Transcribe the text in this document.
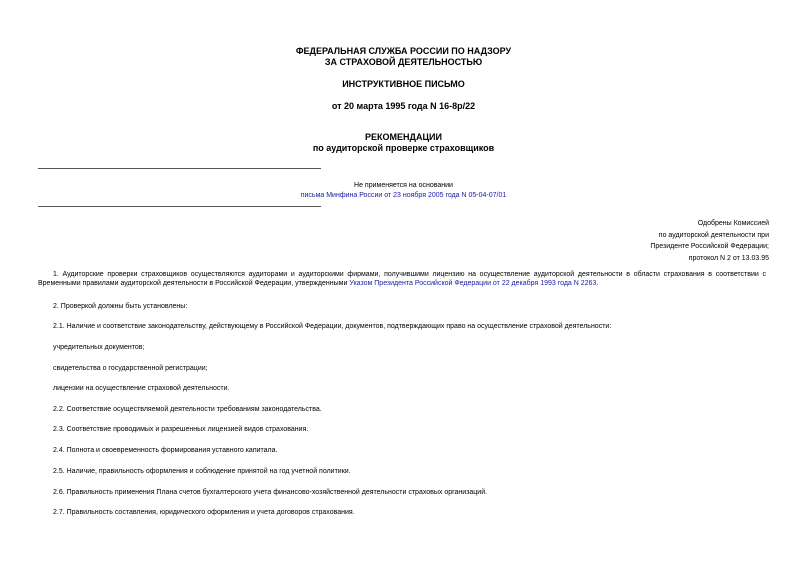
ФЕДЕРАЛЬНАЯ СЛУЖБА РОССИИ ПО НАДЗОРУ
ЗА СТРАХОВОЙ ДЕЯТЕЛЬНОСТЬЮ
ИНСТРУКТИВНОЕ ПИСЬМО
от 20 марта 1995 года N 16-8р/22
РЕКОМЕНДАЦИИ
по аудиторской проверке страховщиков
Не применяется на основании
письма Минфина России от 23 ноября 2005 года N 05-04-07/01
Одобрены Комиссией
по аудиторской деятельности при
Президенте Российской Федерации;
протокол N 2 от 13.03.95
1. Аудиторские проверки страховщиков осуществляются аудиторами и аудиторскими фирмами, получившими лицензию на осуществление аудиторской деятельности в области страхования в соответствии с Временными правилами аудиторской деятельности в Российской Федерации, утвержденными Указом Президента Российской Федерации от 22 декабря 1993 года N 2263.
2. Проверкой должны быть установлены:
2.1. Наличие и соответствие законодательству, действующему в Российской Федерации, документов, подтверждающих право на осуществление страховой деятельности:
учредительных документов;
свидетельства о государственной регистрации;
лицензии на осуществление страховой деятельности.
2.2. Соответствие осуществляемой деятельности требованиям законодательства.
2.3. Соответствие проводимых и разрешенных лицензией видов страхования.
2.4. Полнота и своевременность формирования уставного капитала.
2.5. Наличие, правильность оформления и соблюдение принятой на год учетной политики.
2.6. Правильность применения Плана счетов бухгалтерского учета финансово-хозяйственной деятельности страховых организаций.
2.7. Правильность составления, юридического оформления и учета договоров страхования.
